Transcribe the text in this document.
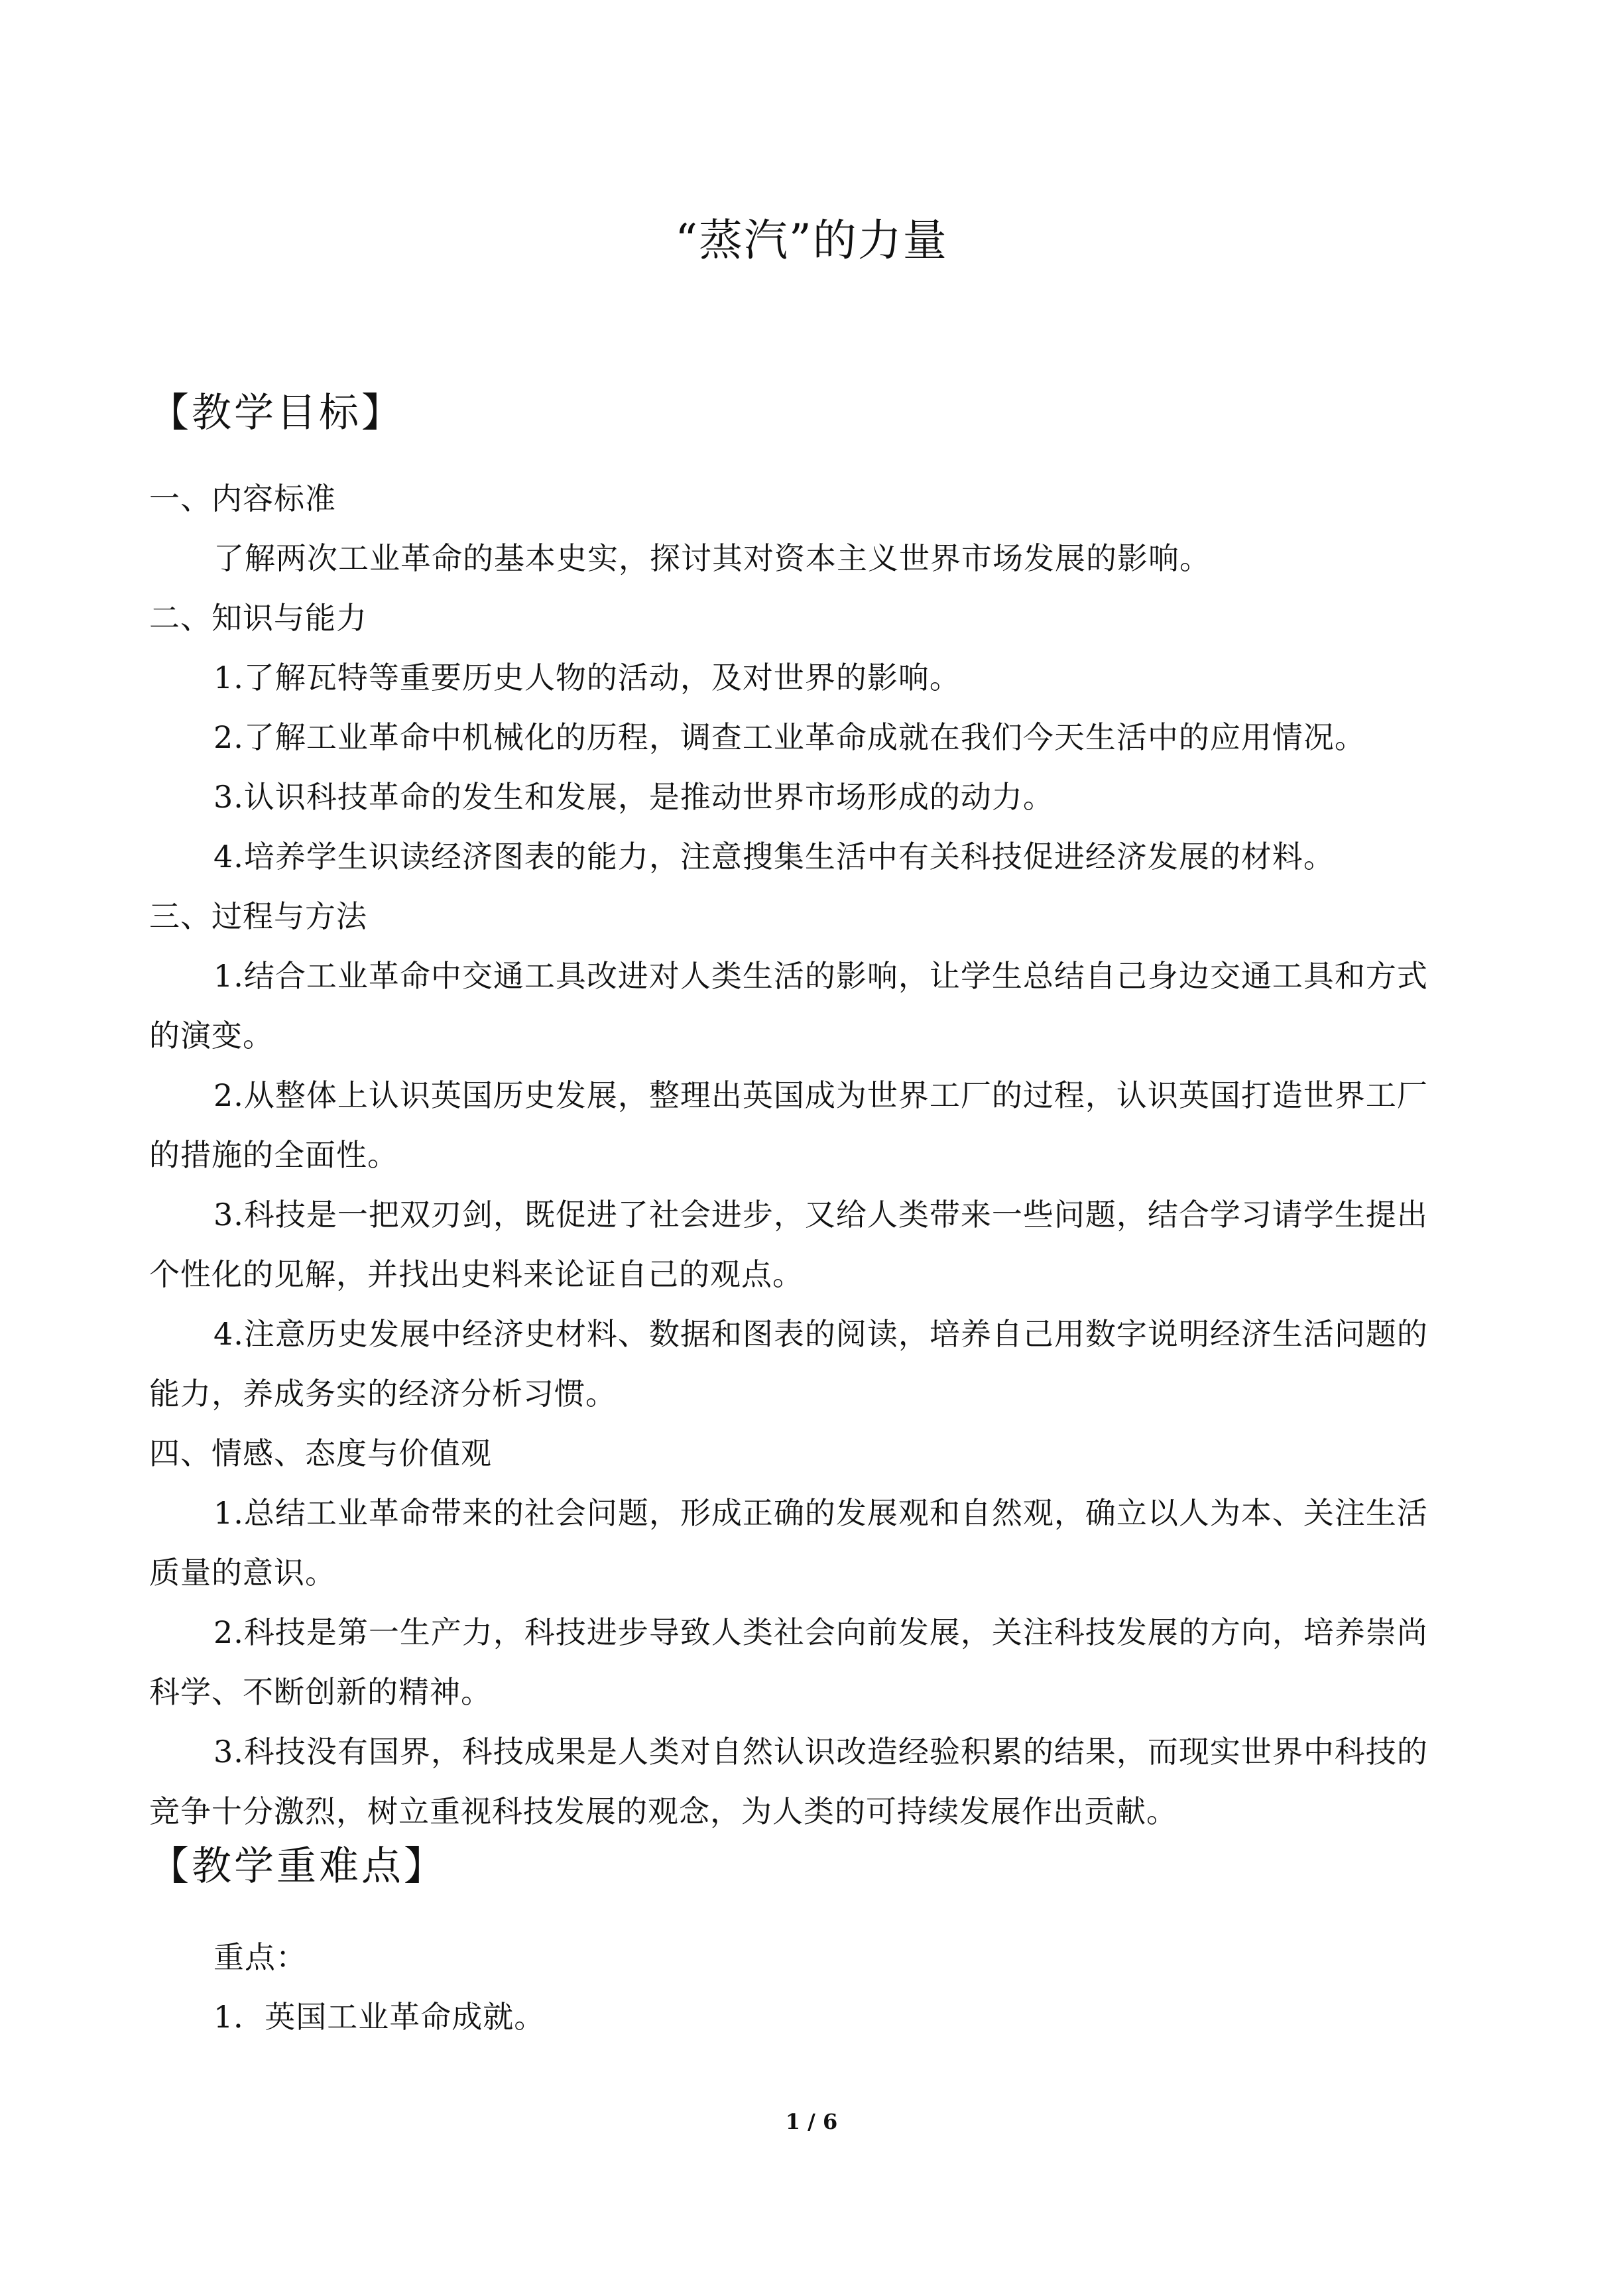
“蒸汽”的力量
【教学目标】
一、内容标准
了解两次工业革命的基本史实，探讨其对资本主义世界市场发展的影响。
二、知识与能力
1.了解瓦特等重要历史人物的活动，及对世界的影响。
2.了解工业革命中机械化的历程，调查工业革命成就在我们今天生活中的应用情况。
3.认识科技革命的发生和发展，是推动世界市场形成的动力。
4.培养学生识读经济图表的能力，注意搜集生活中有关科技促进经济发展的材料。
三、过程与方法
1.结合工业革命中交通工具改进对人类生活的影响，让学生总结自己身边交通工具和方式
的演变。
2.从整体上认识英国历史发展，整理出英国成为世界工厂的过程，认识英国打造世界工厂
的措施的全面性。
3.科技是一把双刃剑，既促进了社会进步，又给人类带来一些问题，结合学习请学生提出
个性化的见解，并找出史料来论证自己的观点。
4.注意历史发展中经济史材料、数据和图表的阅读，培养自己用数字说明经济生活问题的
能力，养成务实的经济分析习惯。
四、情感、态度与价值观
1.总结工业革命带来的社会问题，形成正确的发展观和自然观，确立以人为本、关注生活
质量的意识。
2.科技是第一生产力，科技进步导致人类社会向前发展，关注科技发展的方向，培养崇尚
科学、不断创新的精神。
3.科技没有国界，科技成果是人类对自然认识改造经验积累的结果，而现实世界中科技的
竞争十分激烈，树立重视科技发展的观念，为人类的可持续发展作出贡献。
【教学重难点】
重点：
1．英国工业革命成就。
1 / 6
